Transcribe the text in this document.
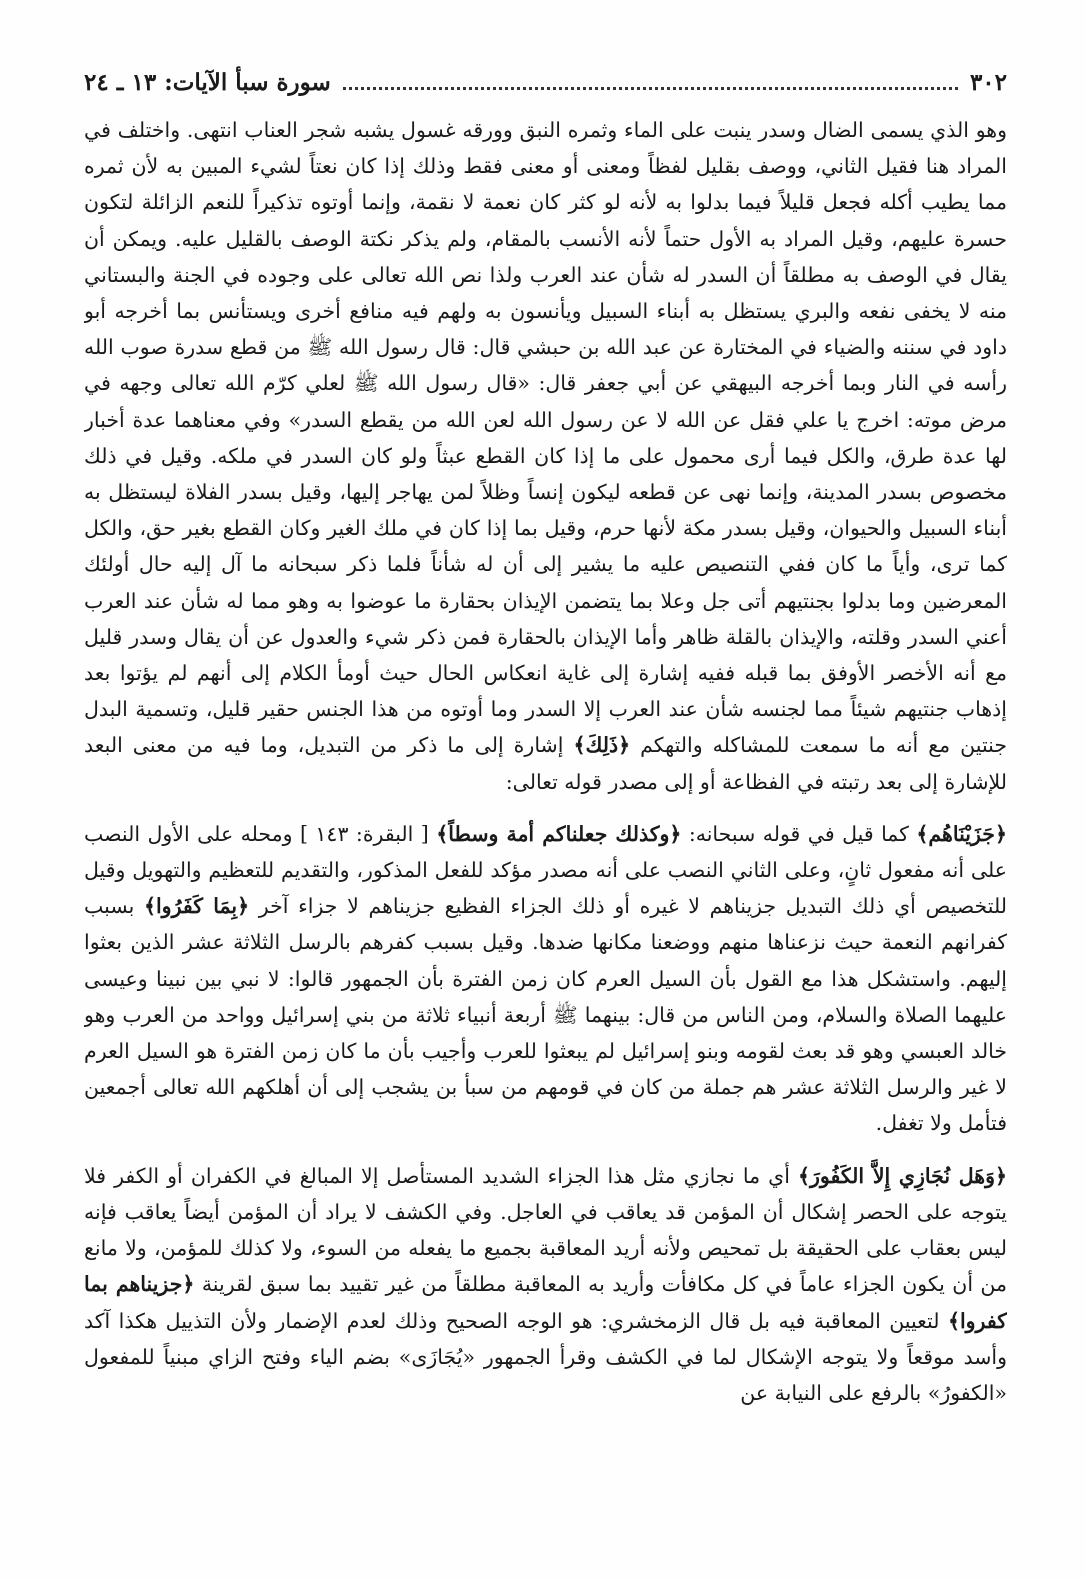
٣٠٢
سورة سبأ الآيات: ١٣ ـ ٢٤

وهو الذي يسمى الضال وسدر ينبت على الماء وثمره النبق وورقه غسول يشبه شجر العناب انتهى. واختلف في المراد هنا فقيل الثاني، ووصف بقليل لفظاً ومعنى أو معنى فقط وذلك إذا كان نعتاً لشيء المبين به لأن ثمره مما يطيب أكله فجعل قليلاً فيما بدلوا به لأنه لو كثر كان نعمة لا نقمة، وإنما أوتوه تذكيراً للنعم الزائلة لتكون حسرة عليهم، وقيل المراد به الأول حتماً لأنه الأنسب بالمقام، ولم يذكر نكتة الوصف بالقليل عليه. ويمكن أن يقال في الوصف به مطلقاً أن السدر له شأن عند العرب ولذا نص الله تعالى على وجوده في الجنة والبستاني منه لا يخفى نفعه والبري يستظل به أبناء السبيل ويأنسون به ولهم فيه منافع أخرى ويستأنس بما أخرجه أبو داود في سننه والضياء في المختارة عن عبد الله بن حبشي قال: قال رسول الله ﷺ من قطع سدرة صوب الله رأسه في النار وبما أخرجه البيهقي عن أبي جعفر قال: «قال رسول الله ﷺ لعلي كرّم الله تعالى وجهه في مرض موته: اخرج يا علي فقل عن الله لا عن رسول الله لعن الله من يقطع السدر» وفي معناهما عدة أخبار لها عدة طرق، والكل فيما أرى محمول على ما إذا كان القطع عبثاً ولو كان السدر في ملكه. وقيل في ذلك مخصوص بسدر المدينة، وإنما نهى عن قطعه ليكون إنساً وظلاً لمن يهاجر إليها، وقيل بسدر الفلاة ليستظل به أبناء السبيل والحيوان، وقيل بسدر مكة لأنها حرم، وقيل بما إذا كان في ملك الغير وكان القطع بغير حق، والكل كما ترى، وأياً ما كان ففي التنصيص عليه ما يشير إلى أن له شأناً فلما ذكر سبحانه ما آل إليه حال أولئك المعرضين وما بدلوا بجنتيهم أتى جل وعلا بما يتضمن الإيذان بحقارة ما عوضوا به وهو مما له شأن عند العرب أعني السدر وقلته، والإيذان بالقلة ظاهر وأما الإيذان بالحقارة فمن ذكر شيء والعدول عن أن يقال وسدر قليل مع أنه الأخصر الأوفق بما قبله ففيه إشارة إلى غاية انعكاس الحال حيث أومأ الكلام إلى أنهم لم يؤتوا بعد إذهاب جنتيهم شيئاً مما لجنسه شأن عند العرب إلا السدر وما أوتوه من هذا الجنس حقير قليل، وتسمية البدل جنتين مع أنه ما سمعت للمشاكله والتهكم ﴿ذَلِكَ﴾ إشارة إلى ما ذكر من التبديل، وما فيه من معنى البعد للإشارة إلى بعد رتبته في الفظاعة أو إلى مصدر قوله تعالى:

﴿جَزَيْنَاهُم﴾ كما قيل في قوله سبحانه: ﴿وكذلك جعلناكم أمة وسطاً﴾ [ البقرة: ١٤٣ ] ومحله على الأول النصب على أنه مفعول ثانٍ، وعلى الثاني النصب على أنه مصدر مؤكد للفعل المذكور، والتقديم للتعظيم والتهويل وقيل للتخصيص أي ذلك التبديل جزيناهم لا غيره أو ذلك الجزاء الفظيع جزيناهم لا جزاء آخر ﴿بِمَا كَفَرُوا﴾ بسبب كفرانهم النعمة حيث نزعناها منهم ووضعنا مكانها ضدها. وقيل بسبب كفرهم بالرسل الثلاثة عشر الذين بعثوا إليهم. واستشكل هذا مع القول بأن السيل العرم كان زمن الفترة بأن الجمهور قالوا: لا نبي بين نبينا وعيسى عليهما الصلاة والسلام، ومن الناس من قال: بينهما ﷺ أربعة أنبياء ثلاثة من بني إسرائيل وواحد من العرب وهو خالد العبسي وهو قد بعث لقومه وبنو إسرائيل لم يبعثوا للعرب وأجيب بأن ما كان زمن الفترة هو السيل العرم لا غير والرسل الثلاثة عشر هم جملة من كان في قومهم من سبأ بن يشجب إلى أن أهلكهم الله تعالى أجمعين فتأمل ولا تغفل.

﴿وَهَل نُجَازِي إِلاَّ الكَفُورَ﴾ أي ما نجازي مثل هذا الجزاء الشديد المستأصل إلا المبالغ في الكفران أو الكفر فلا يتوجه على الحصر إشكال أن المؤمن قد يعاقب في العاجل. وفي الكشف لا يراد أن المؤمن أيضاً يعاقب فإنه ليس بعقاب على الحقيقة بل تمحيص ولأنه أريد المعاقبة بجميع ما يفعله من السوء، ولا كذلك للمؤمن، ولا مانع من أن يكون الجزاء عاماً في كل مكافأت وأريد به المعاقبة مطلقاً من غير تقييد بما سبق لقرينة ﴿جزيناهم بما كفروا﴾ لتعيين المعاقبة فيه بل قال الزمخشري: هو الوجه الصحيح وذلك لعدم الإضمار ولأن التذييل هكذا آكد وأسد موقعاً ولا يتوجه الإشكال لما في الكشف وقرأ الجمهور «يُجَازَى» بضم الياء وفتح الزاي مبنياً للمفعول «الكفورُ» بالرفع على النيابة عن
